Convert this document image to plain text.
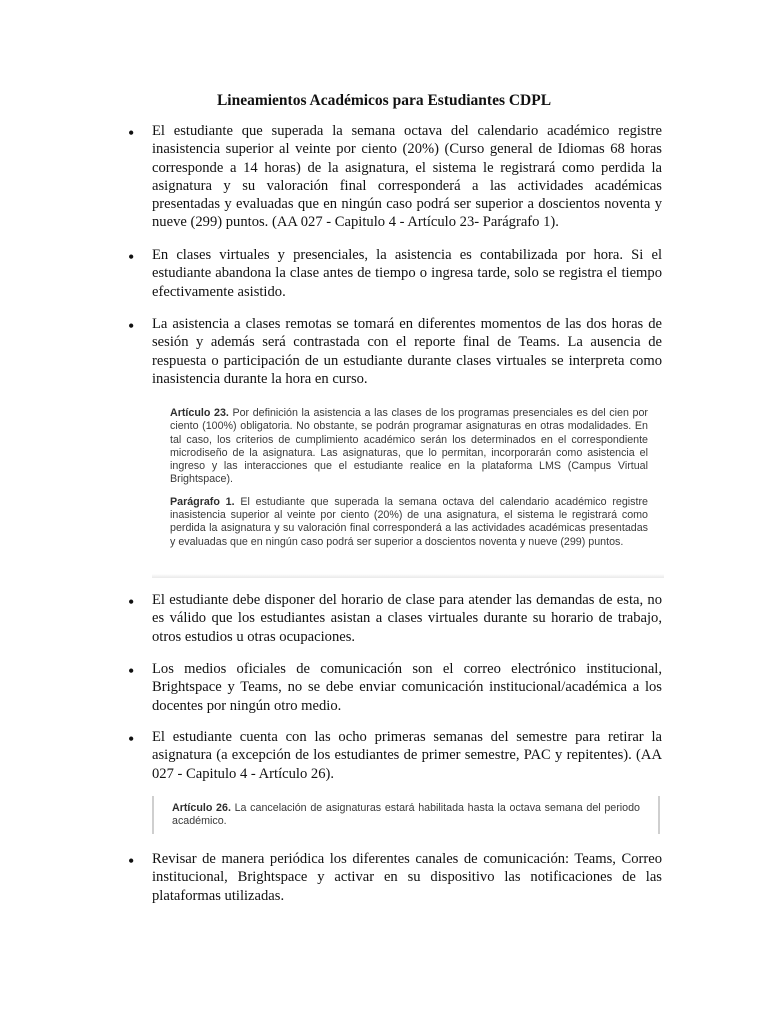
Lineamientos Académicos para Estudiantes CDPL
• El estudiante que superada la semana octava del calendario académico registre inasistencia superior al veinte por ciento (20%) (Curso general de Idiomas 68 horas corresponde a 14 horas) de la asignatura, el sistema le registrará como perdida la asignatura y su valoración final corresponderá a las actividades académicas presentadas y evaluadas que en ningún caso podrá ser superior a doscientos noventa y nueve (299) puntos. (AA 027 - Capitulo 4 - Artículo 23- Parágrafo 1).

• En clases virtuales y presenciales, la asistencia es contabilizada por hora. Si el estudiante abandona la clase antes de tiempo o ingresa tarde, solo se registra el tiempo efectivamente asistido.

• La asistencia a clases remotas se tomará en diferentes momentos de las dos horas de sesión y además será contrastada con el reporte final de Teams. La ausencia de respuesta o participación de un estudiante durante clases virtuales se interpreta como inasistencia durante la hora en curso.

Artículo 23. Por definición la asistencia a las clases de los programas presenciales es del cien por ciento (100%) obligatoria. No obstante, se podrán programar asignaturas en otras modalidades. En tal caso, los criterios de cumplimiento académico serán los determinados en el correspondiente microdiseño de la asignatura. Las asignaturas, que lo permitan, incorporarán como asistencia el ingreso y las interacciones que el estudiante realice en la plataforma LMS (Campus Virtual Brightspace).

Parágrafo 1. El estudiante que superada la semana octava del calendario académico registre inasistencia superior al veinte por ciento (20%) de una asignatura, el sistema le registrará como perdida la asignatura y su valoración final corresponderá a las actividades académicas presentadas y evaluadas que en ningún caso podrá ser superior a doscientos noventa y nueve (299) puntos.

• El estudiante debe disponer del horario de clase para atender las demandas de esta, no es válido que los estudiantes asistan a clases virtuales durante su horario de trabajo, otros estudios u otras ocupaciones.

• Los medios oficiales de comunicación son el correo electrónico institucional, Brightspace y Teams, no se debe enviar comunicación institucional/académica a los docentes por ningún otro medio.

• El estudiante cuenta con las ocho primeras semanas del semestre para retirar la asignatura (a excepción de los estudiantes de primer semestre, PAC y repitentes). (AA 027 - Capitulo 4 - Artículo 26).

Artículo 26. La cancelación de asignaturas estará habilitada hasta la octava semana del periodo académico.

• Revisar de manera periódica los diferentes canales de comunicación: Teams, Correo institucional, Brightspace y activar en su dispositivo las notificaciones de las plataformas utilizadas.
